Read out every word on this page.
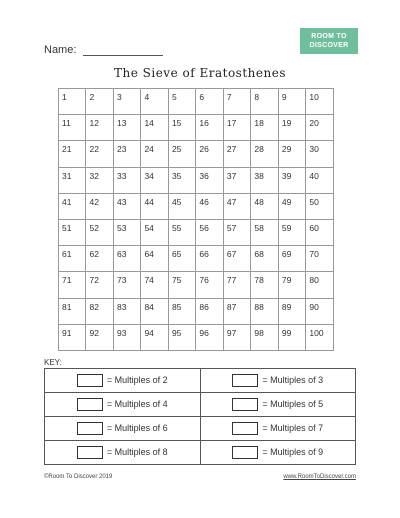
Name:
ROOM TO
DISCOVER
The Sieve of Eratosthenes
1	2	3	4	5	6	7	8	9	10
11	12	13	14	15	16	17	18	19	20
21	22	23	24	25	26	27	28	29	30
31	32	33	34	35	36	37	38	39	40
41	42	43	44	45	46	47	48	49	50
51	52	53	54	55	56	57	58	59	60
61	62	63	64	65	66	67	68	69	70
71	72	73	74	75	76	77	78	79	80
81	82	83	84	85	86	87	88	89	90
91	92	93	94	95	96	97	98	99	100
KEY:
= Multiples of 2	= Multiples of 3
= Multiples of 4	= Multiples of 5
= Multiples of 6	= Multiples of 7
= Multiples of 8	= Multiples of 9
©Room To Discover 2019	www.RoomToDiscover.com
